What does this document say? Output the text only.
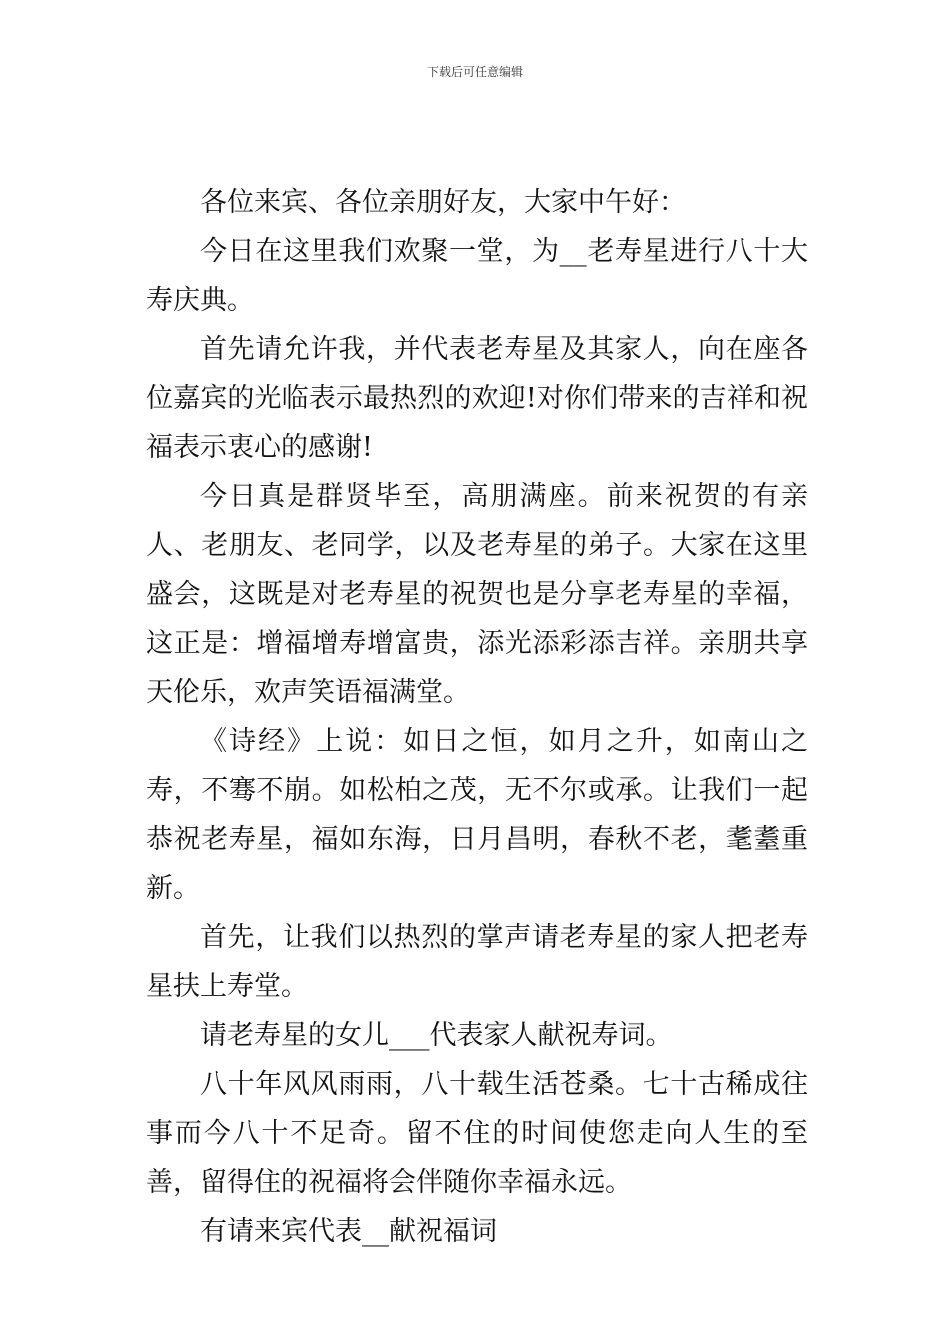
下载后可任意编辑

各位来宾、各位亲朋好友，大家中午好：

今日在这里我们欢聚一堂，为__老寿星进行八十大寿庆典。

首先请允许我，并代表老寿星及其家人，向在座各位嘉宾的光临表示最热烈的欢迎!对你们带来的吉祥和祝福表示衷心的感谢!

今日真是群贤毕至，高朋满座。前来祝贺的有亲人、老朋友、老同学，以及老寿星的弟子。大家在这里盛会，这既是对老寿星的祝贺也是分享老寿星的幸福，这正是：增福增寿增富贵，添光添彩添吉祥。亲朋共享天伦乐，欢声笑语福满堂。

《诗经》上说：如日之恒，如月之升，如南山之寿，不骞不崩。如松柏之茂，无不尔或承。让我们一起恭祝老寿星，福如东海，日月昌明，春秋不老，耄耋重新。

首先，让我们以热烈的掌声请老寿星的家人把老寿星扶上寿堂。

请老寿星的女儿___代表家人献祝寿词。

八十年风风雨雨，八十载生活苍桑。七十古稀成往事而今八十不足奇。留不住的时间使您走向人生的至善，留得住的祝福将会伴随你幸福永远。

有请来宾代表__献祝福词
